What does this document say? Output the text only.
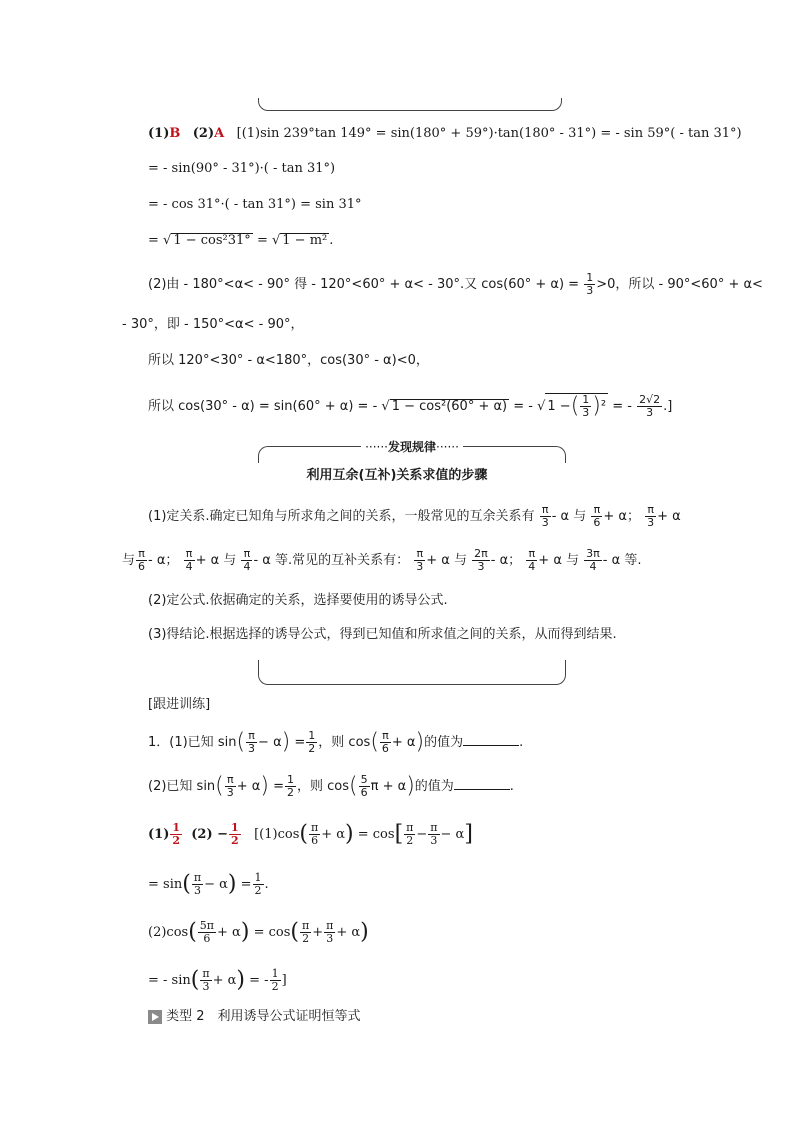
(1)B (2)A [(1)sin 239°tan 149° = sin(180° + 59°)·tan(180° - 31°) = - sin 59°( - tan 31°)
= - sin(90° - 31°)·( - tan 31°)
= - cos 31°·( - tan 31°) = sin 31°
= √ 1 − cos²31° = √ 1 − m² .
(2)由 - 180°<α< - 90° 得 - 120°<60° + α< - 30°.又 $\cos(60^\circ + \alpha) = \frac{1}{3} >0$，所以 - 90°<60° + α<
- 30°，即 - 150°<α< - 90°，
所以 120°<30° - α<180°，cos(30° - α)<0，
所以 cos(30° - α) = sin(60° + α) = - √ 1 − cos²(60° + α) = - √ 1 −( $\frac{1}{3} )^2$ = - $\frac{2√2}{3}$ .]
······发现规律······
利用互余(互补)关系求值的步骤
(1)定关系.确定已知角与所求角之间的关系，一般常见的互余关系有 $\frac{\pi}{3}$ - α 与 $\frac{\pi}{6} + \alpha$； $\frac{\pi}{3} + \alpha$
与 $\frac{\pi}{6}$ - α； $\frac{\pi}{4} + \alpha$ 与 $\frac{\pi}{4}$ - α 等.常见的互补关系有： $\frac{\pi}{3} + \alpha$ 与 $\frac{2\pi}{3}$ - α； $\frac{\pi}{4} + \alpha$ 与 $\frac{3\pi}{4}$ - α 等.
(2)定公式.依据确定的关系，选择要使用的诱导公式.
(3)得结论.根据选择的诱导公式，得到已知值和所求值之间的关系，从而得到结果.
[跟进训练]
1．(1)已知 $\sin( \frac{\pi}{3} - \alpha) = \frac{1}{2}$ ，则 $\cos( \frac{\pi}{6} + \alpha)$的值为	.
(2)已知 $\sin( \frac{\pi}{3} + \alpha) = \frac{1}{2}$ ，则 $\cos( \frac{5}{6}$ π + α)的值为	.
$(1) \frac{1}{2} (2) - \frac{1}{2} [(1)\cos( \frac{\pi}{6} + \alpha) = \cos[ \frac{\pi}{2} - \frac{\pi}{3} - \alpha]$
= $\sin( \frac{\pi}{3} - \alpha) = \frac{1}{2}$ .
$(2)\cos( \frac{5\pi}{6} + \alpha) = \cos( \frac{\pi}{2} + \frac{\pi}{3} + \alpha)$
= - $\sin( \frac{\pi}{3} + \alpha)$ = - $\frac{1}{2}$ ]
类型 2　利用诱导公式证明恒等式
